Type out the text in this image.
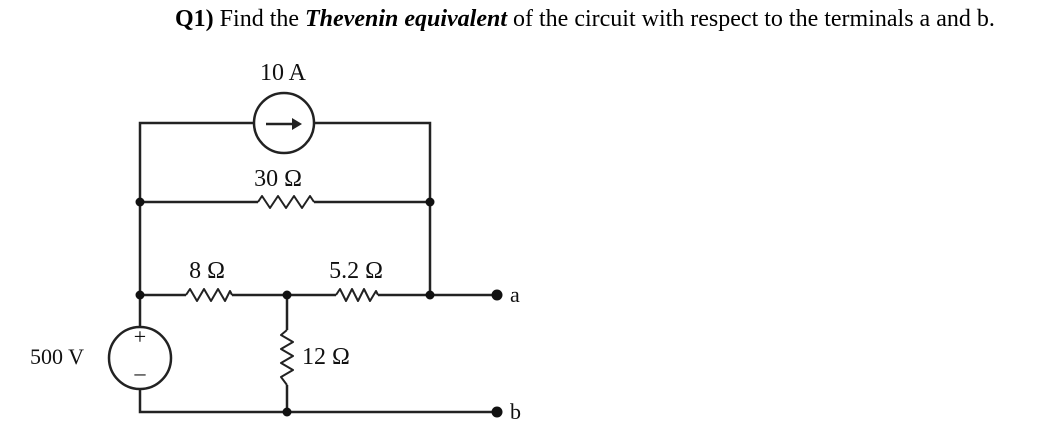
Q1) Find the Thevenin equivalent of the circuit with respect to the terminals a and b.
10 A
30 Ω
8 Ω	5.2 Ω
12 Ω
+
–
500 V
a
b
